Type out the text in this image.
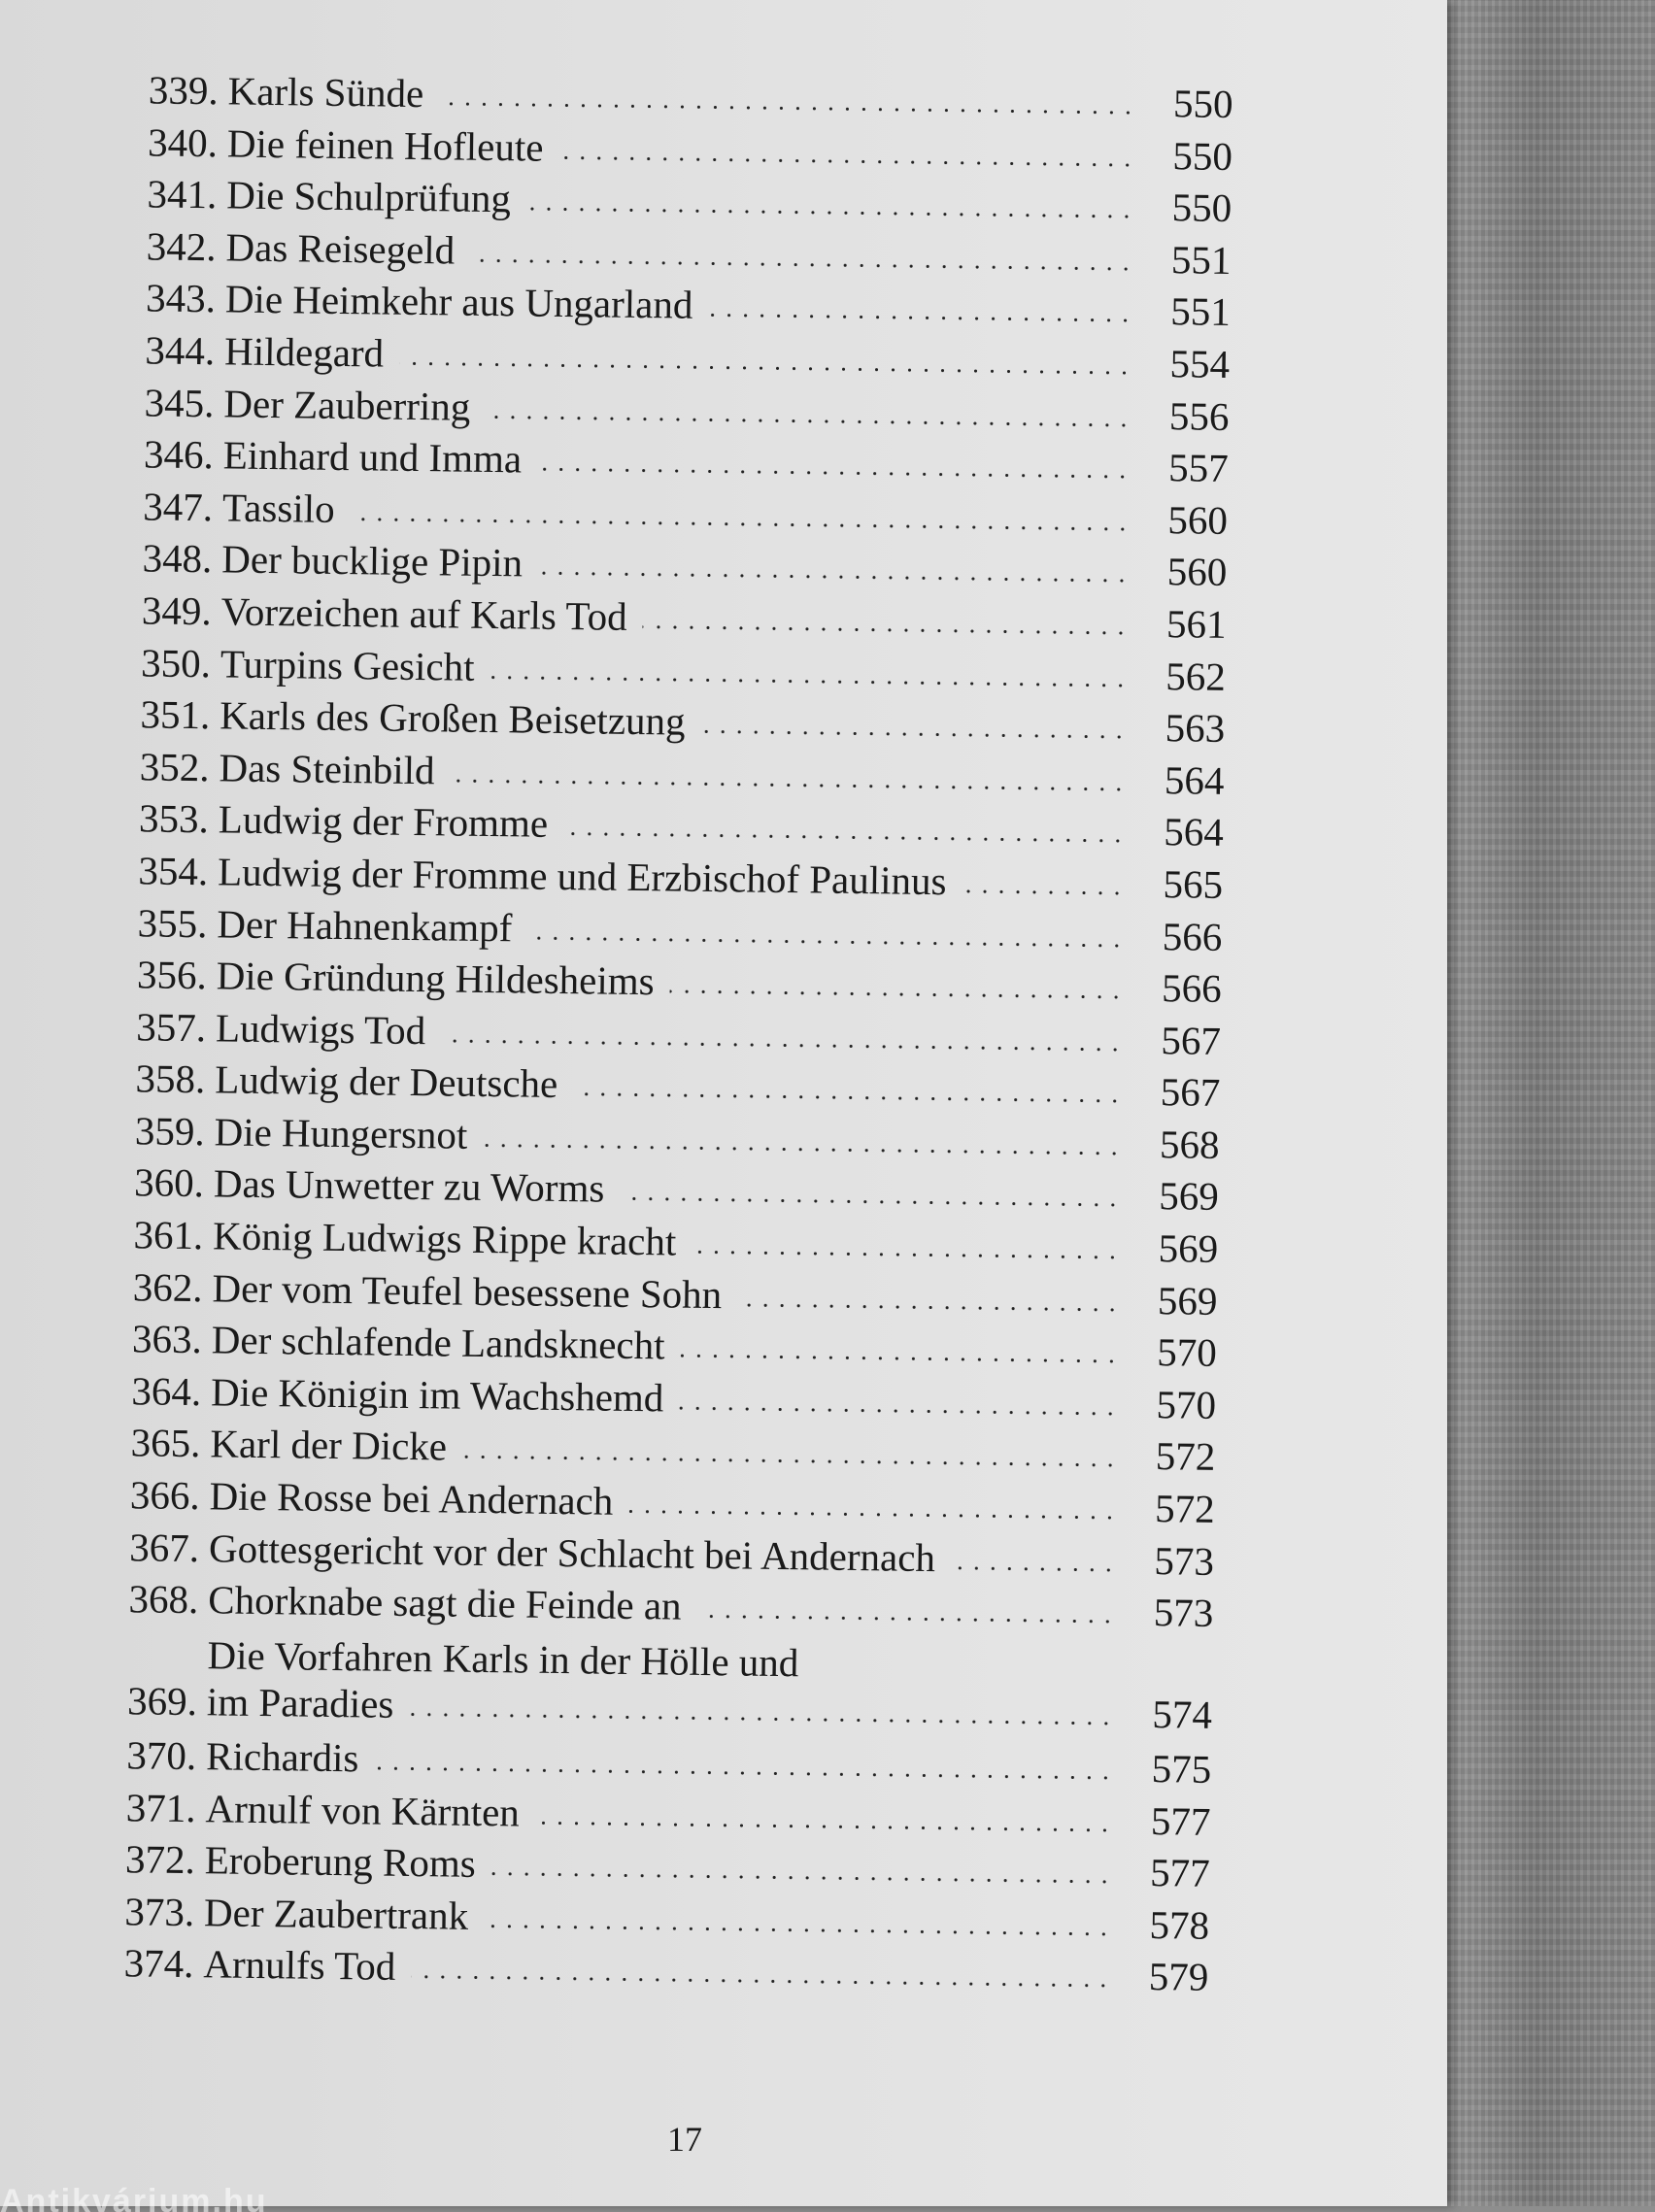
339. Karls Sünde	550
340. Die feinen Hofleute	550
341. Die Schulprüfung	550
342. Das Reisegeld	551
343. Die Heimkehr aus Ungarland	551
344. Hildegard	554
345. Der Zauberring	556
346. Einhard und Imma	557
347. Tassilo	560
348. Der bucklige Pipin	560
349. Vorzeichen auf Karls Tod	561
350. Turpins Gesicht	562
351. Karls des Großen Beisetzung	563
352. Das Steinbild	564
353. Ludwig der Fromme	564
354. Ludwig der Fromme und Erzbischof Paulinus	565
355. Der Hahnenkampf	566
356. Die Gründung Hildesheims	566
357. Ludwigs Tod	567
358. Ludwig der Deutsche	567
359. Die Hungersnot	568
360. Das Unwetter zu Worms	569
361. König Ludwigs Rippe kracht	569
362. Der vom Teufel besessene Sohn	569
363. Der schlafende Landsknecht	570
364. Die Königin im Wachshemd	570
365. Karl der Dicke	572
366. Die Rosse bei Andernach	572
367. Gottesgericht vor der Schlacht bei Andernach	573
368. Chorknabe sagt die Feinde an	573
369.
Die Vorfahren Karls in der Hölle und
im Paradies	574
370. Richardis	575
371. Arnulf von Kärnten	577
372. Eroberung Roms	577
373. Der Zaubertrank	578
374. Arnulfs Tod	579
17
Antikvárium.hu
